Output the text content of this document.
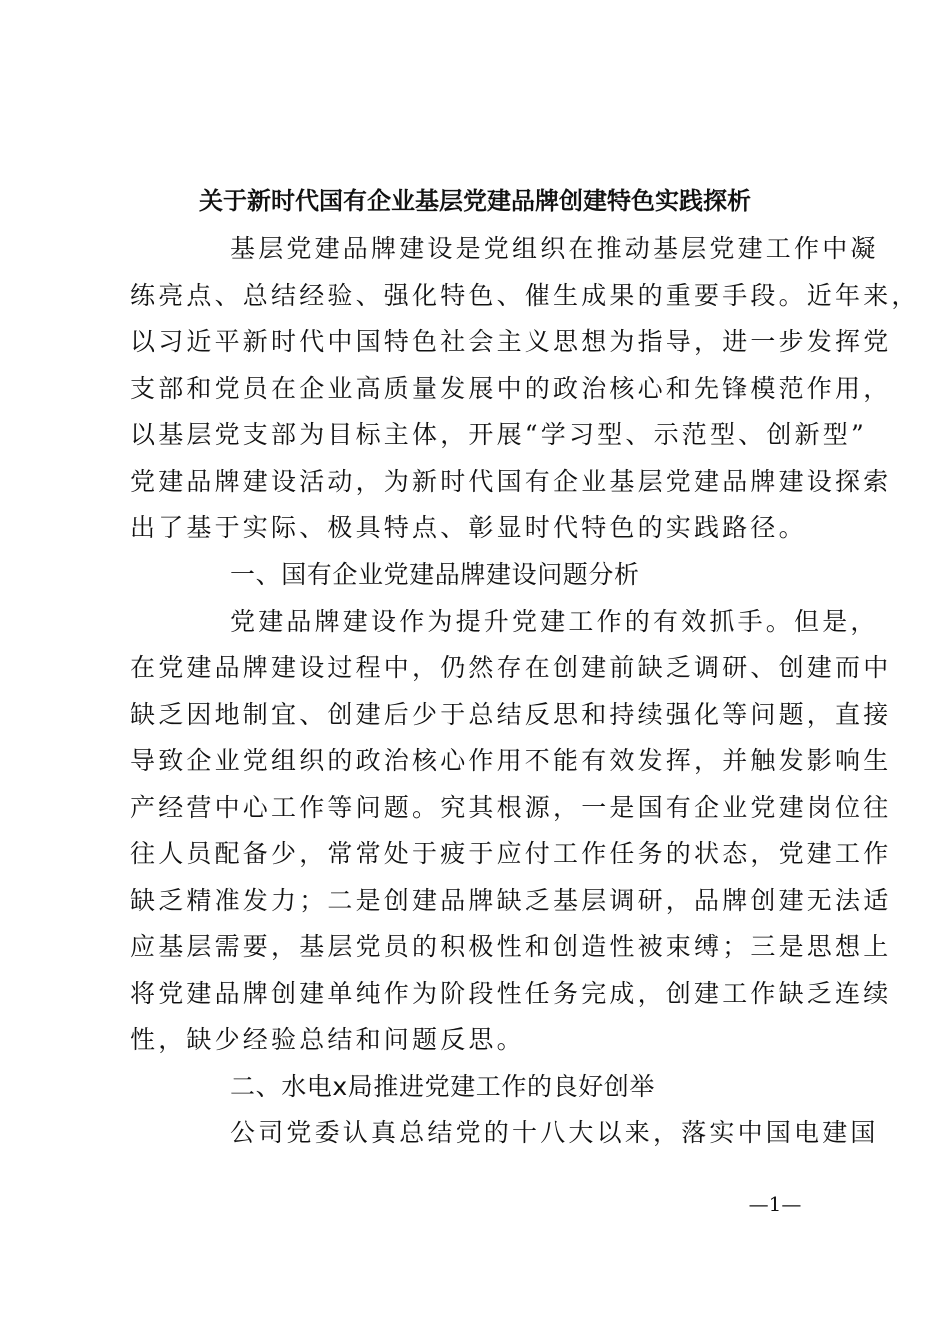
关于新时代国有企业基层党建品牌创建特色实践探析
基层党建品牌建设是党组织在推动基层党建工作中凝
练亮点、总结经验、强化特色、催生成果的重要手段。近年来，
以习近平新时代中国特色社会主义思想为指导，进一步发挥党
支部和党员在企业高质量发展中的政治核心和先锋模范作用，
以基层党支部为目标主体，开展“学习型、示范型、创新型”
党建品牌建设活动，为新时代国有企业基层党建品牌建设探索
出了基于实际、极具特点、彰显时代特色的实践路径。
一、国有企业党建品牌建设问题分析
党建品牌建设作为提升党建工作的有效抓手。但是，
在党建品牌建设过程中，仍然存在创建前缺乏调研、创建而中
缺乏因地制宜、创建后少于总结反思和持续强化等问题，直接
导致企业党组织的政治核心作用不能有效发挥，并触发影响生
产经营中心工作等问题。究其根源，一是国有企业党建岗位往
往人员配备少，常常处于疲于应付工作任务的状态，党建工作
缺乏精准发力；二是创建品牌缺乏基层调研，品牌创建无法适
应基层需要，基层党员的积极性和创造性被束缚；三是思想上
将党建品牌创建单纯作为阶段性任务完成，创建工作缺乏连续
性，缺少经验总结和问题反思。
二、水电x局推进党建工作的良好创举
公司党委认真总结党的十八大以来，落实中国电建国
—1—
